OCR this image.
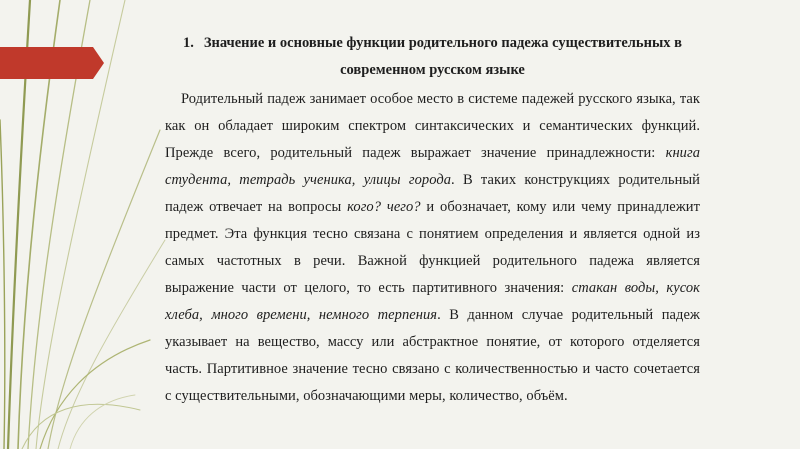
1. Значение и основные функции родительного падежа существительных в современном русском языке

Родительный падеж занимает особое место в системе падежей русского языка, так как он обладает широким спектром синтаксических и семантических функций. Прежде всего, родительный падеж выражает значение принадлежности: книга студента, тетрадь ученика, улицы города. В таких конструкциях родительный падеж отвечает на вопросы кого? чего? и обозначает, кому или чему принадлежит предмет. Эта функция тесно связана с понятием определения и является одной из самых частотных в речи. Важной функцией родительного падежа является выражение части от целого, то есть партитивного значения: стакан воды, кусок хлеба, много времени, немного терпения. В данном случае родительный падеж указывает на вещество, массу или абстрактное понятие, от которого отделяется часть. Партитивное значение тесно связано с количественностью и часто сочетается с существительными, обозначающими меры, количество, объём.
